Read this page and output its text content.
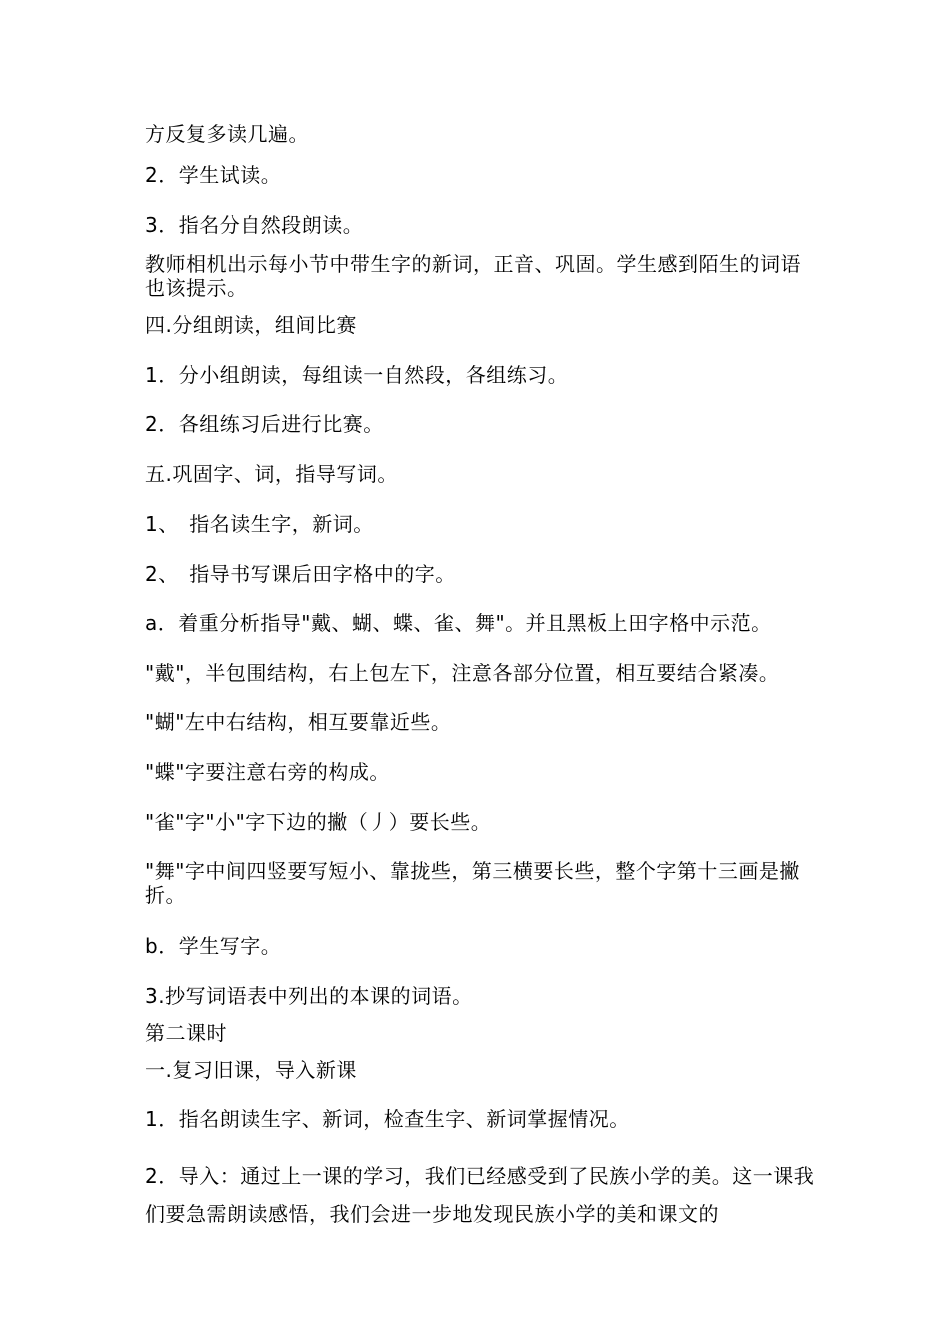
方反复多读几遍。
2．学生试读。
3．指名分自然段朗读。
教师相机出示每小节中带生字的新词，正音、巩固。学生感到陌生的词语也该提示。
四.分组朗读，组间比赛
1．分小组朗读，每组读一自然段，各组练习。
2．各组练习后进行比赛。
五.巩固字、词，指导写词。
1、　指名读生字，新词。
2、　指导书写课后田字格中的字。
a．着重分析指导"戴、蝴、蝶、雀、舞"。并且黑板上田字格中示范。
"戴"，半包围结构，右上包左下，注意各部分位置，相互要结合紧凑。
"蝴"左中右结构，相互要靠近些。
"蝶"字要注意右旁的构成。
"雀"字"小"字下边的撇（丿）要长些。
"舞"字中间四竖要写短小、靠拢些，第三横要长些，整个字第十三画是撇折。
b．学生写字。
3.抄写词语表中列出的本课的词语。
第二课时
一.复习旧课，导入新课
1．指名朗读生字、新词，检查生字、新词掌握情况。
2．导入：通过上一课的学习，我们已经感受到了民族小学的美。这一课我们要急需朗读感悟，我们会进一步地发现民族小学的美和课文的
